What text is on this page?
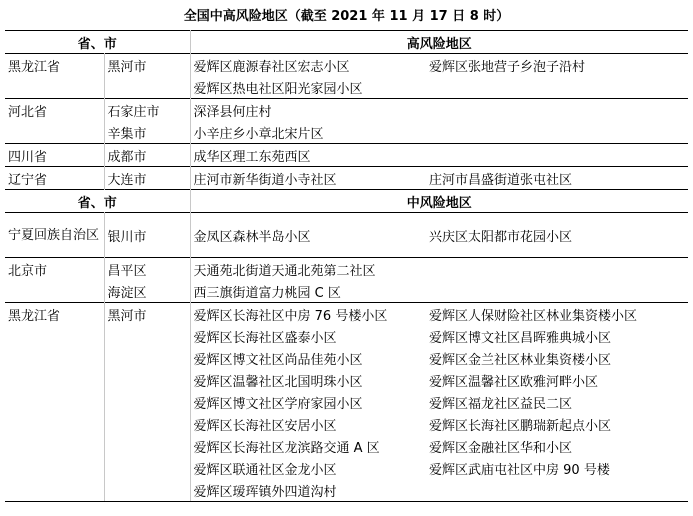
全国中高风险地区（截至 2021 年 11 月 17 日 8 时）
省、市		高风险地区	
黑龙江省	黑河市	爱辉区鹿源春社区宏志小区	爱辉区张地营子乡泡子沿村
		爱辉区热电社区阳光家园小区	
河北省	石家庄市	深泽县何庄村	
	辛集市	小辛庄乡小章北宋片区	
四川省	成都市	成华区理工东苑西区	
辽宁省	大连市	庄河市新华街道小寺社区	庄河市昌盛街道张屯社区
省、市		中风险地区	
宁夏回族自治区	银川市	金凤区森林半岛小区	兴庆区太阳都市花园小区
北京市	昌平区	天通苑北街道天通北苑第二社区	
	海淀区	西三旗街道富力桃园 C 区	
黑龙江省	黑河市	爱辉区长海社区中房 76 号楼小区	爱辉区人保财险社区林业集资楼小区
		爱辉区长海社区盛泰小区	爱辉区博文社区昌晖雅典城小区
		爱辉区博文社区尚品佳苑小区	爱辉区金兰社区林业集资楼小区
		爱辉区温馨社区北国明珠小区	爱辉区温馨社区欧雅河畔小区
		爱辉区博文社区学府家园小区	爱辉区福龙社区益民二区
		爱辉区长海社区安居小区	爱辉区长海社区鹏瑞新起点小区
		爱辉区长海社区龙滨路交通 A 区	爱辉区金融社区华和小区
		爱辉区联通社区金龙小区	爱辉区武庙屯社区中房 90 号楼
		爱辉区瑷珲镇外四道沟村	
